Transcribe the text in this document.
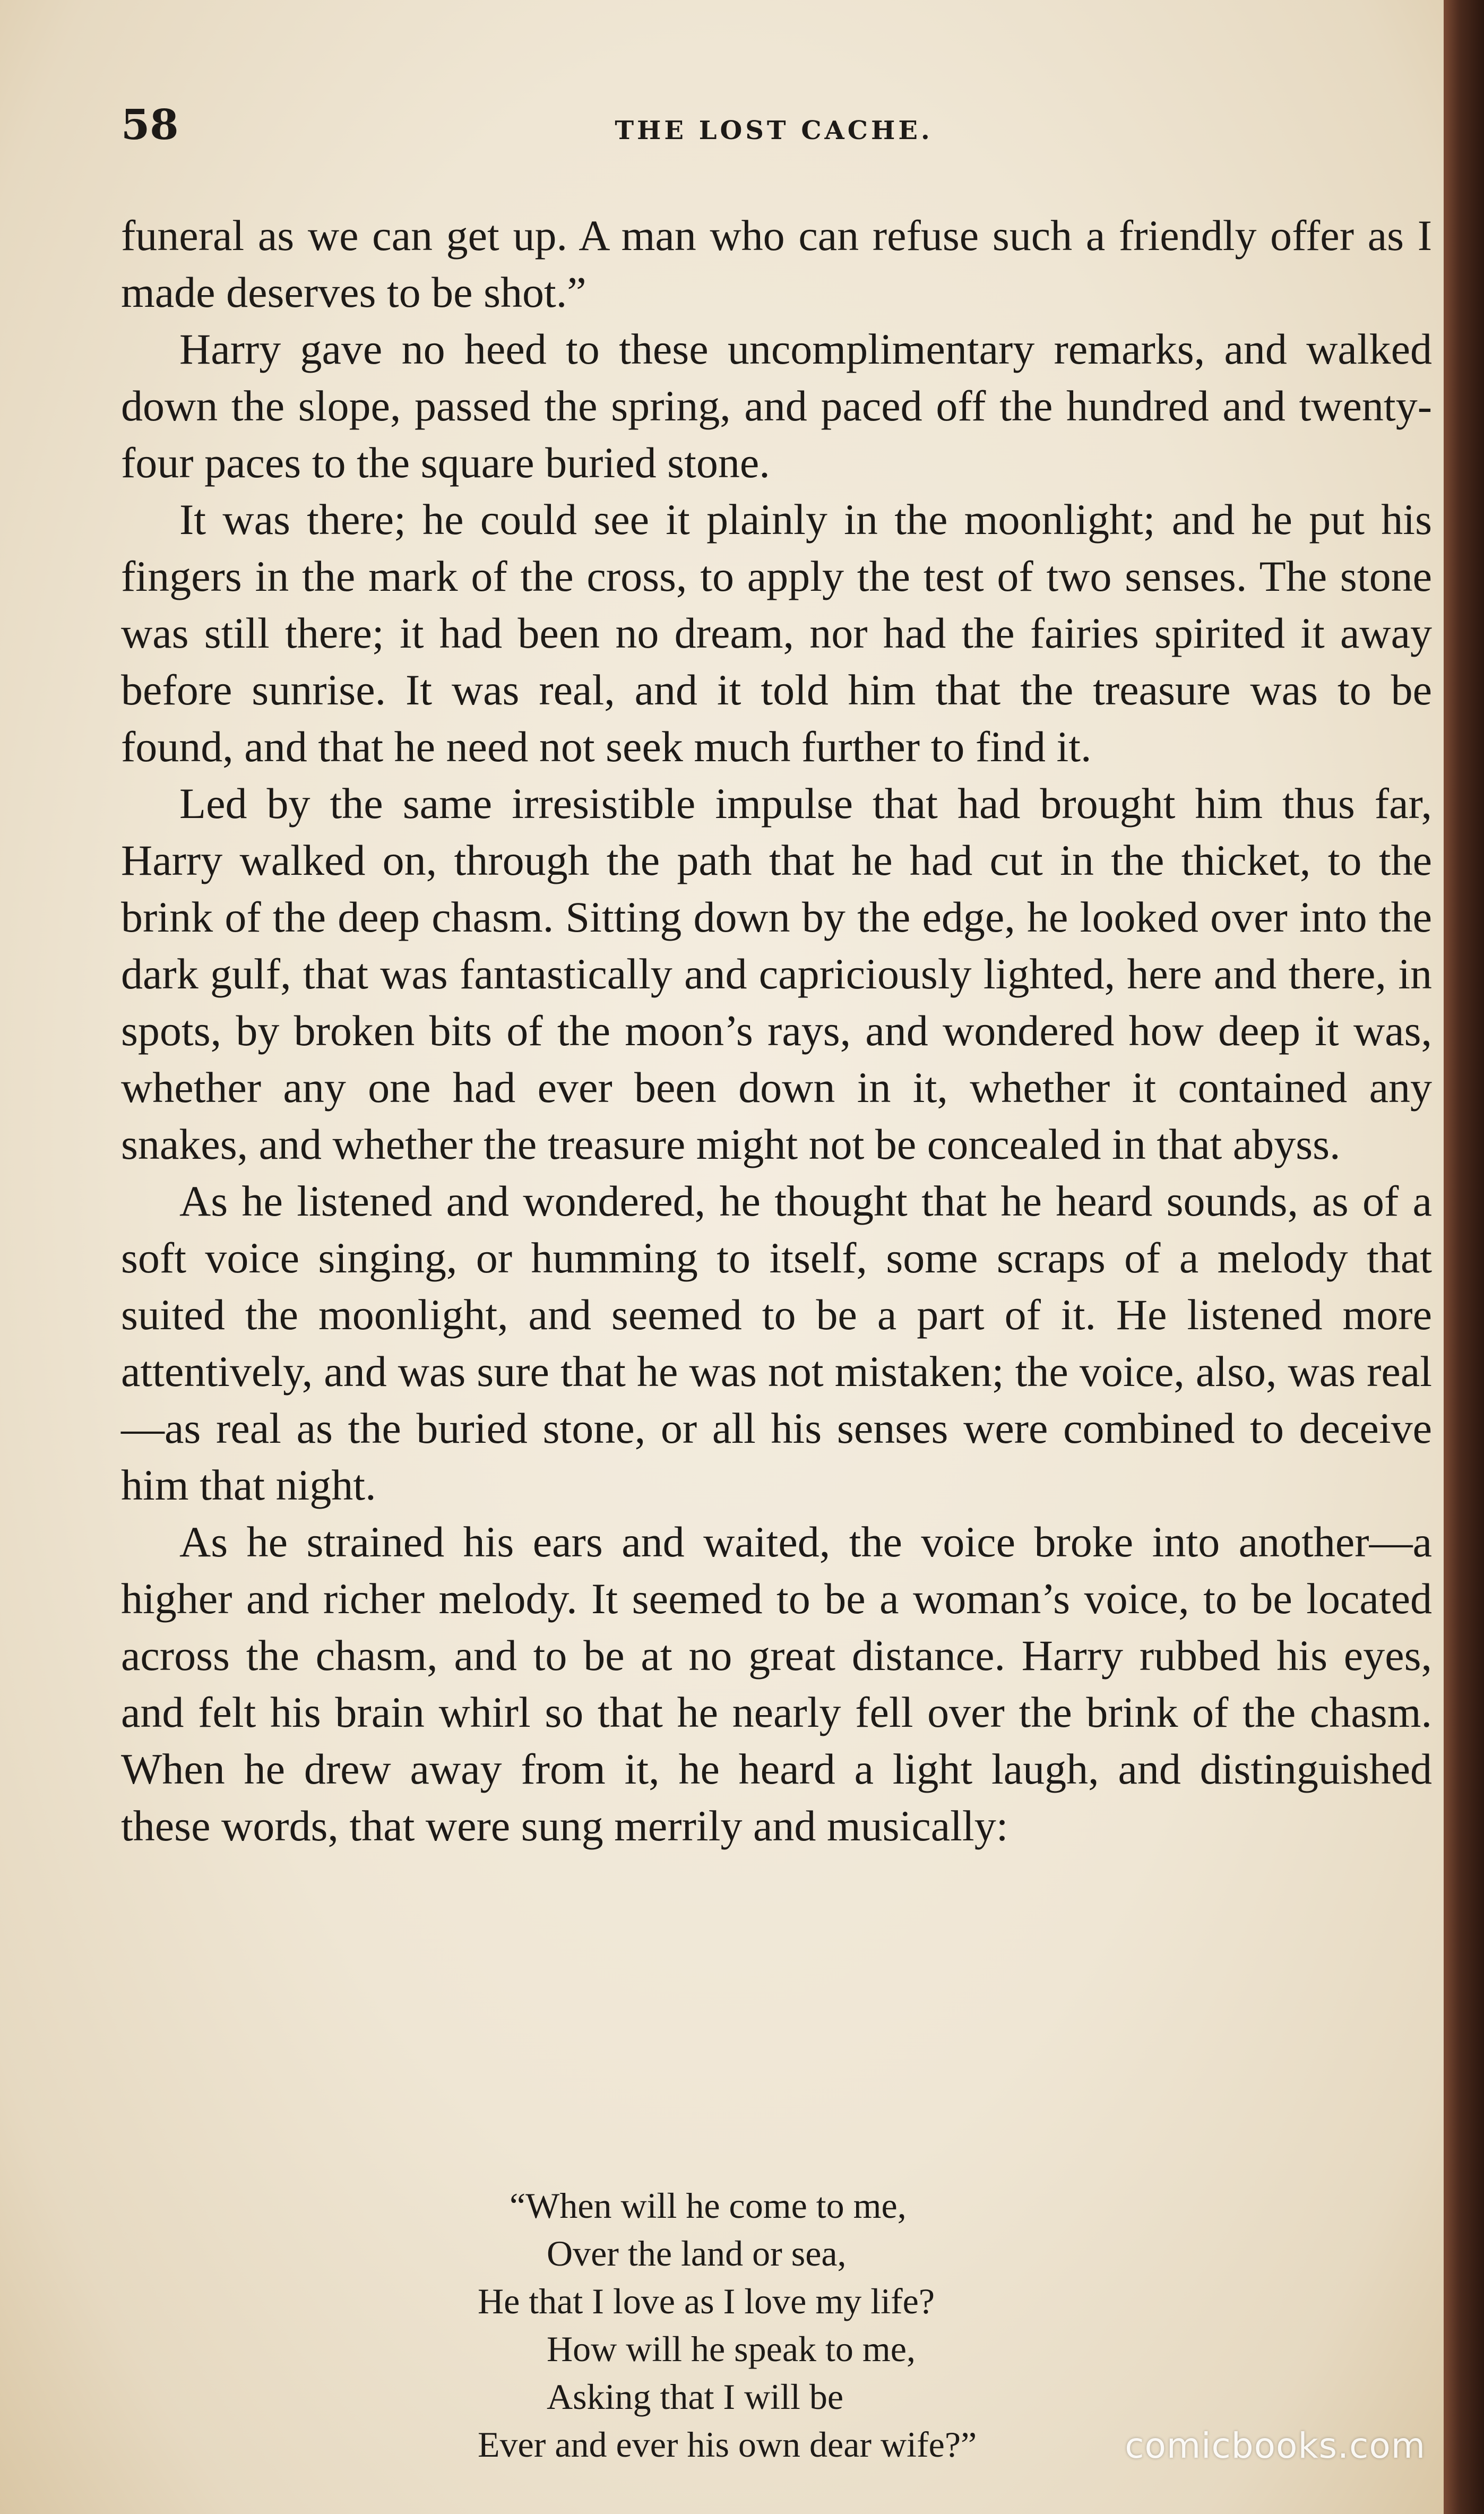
58	THE LOST CACHE.

funeral as we can get up. A man who can refuse such a friendly offer as I made deserves to be shot.”

Harry gave no heed to these uncomplimentary remarks, and walked down the slope, passed the spring, and paced off the hundred and twenty-four paces to the square buried stone.

It was there; he could see it plainly in the moonlight; and he put his fingers in the mark of the cross, to apply the test of two senses. The stone was still there; it had been no dream, nor had the fairies spirited it away before sunrise. It was real, and it told him that the treasure was to be found, and that he need not seek much further to find it.

Led by the same irresistible impulse that had brought him thus far, Harry walked on, through the path that he had cut in the thicket, to the brink of the deep chasm. Sitting down by the edge, he looked over into the dark gulf, that was fantastically and capriciously lighted, here and there, in spots, by broken bits of the moon’s rays, and wondered how deep it was, whether any one had ever been down in it, whether it contained any snakes, and whether the treasure might not be concealed in that abyss.

As he listened and wondered, he thought that he heard sounds, as of a soft voice singing, or humming to itself, some scraps of a melody that suited the moonlight, and seemed to be a part of it. He listened more attentively, and was sure that he was not mistaken; the voice, also, was real—as real as the buried stone, or all his senses were combined to deceive him that night.

As he strained his ears and waited, the voice broke into another—a higher and richer melody. It seemed to be a woman’s voice, to be located across the chasm, and to be at no great distance. Harry rubbed his eyes, and felt his brain whirl so that he nearly fell over the brink of the chasm. When he drew away from it, he heard a light laugh, and distinguished these words, that were sung merrily and musically:

“When will he come to me,
Over the land or sea,
He that I love as I love my life?
How will he speak to me,
Asking that I will be
Ever and ever his own dear wife?”	comicbooks.com
